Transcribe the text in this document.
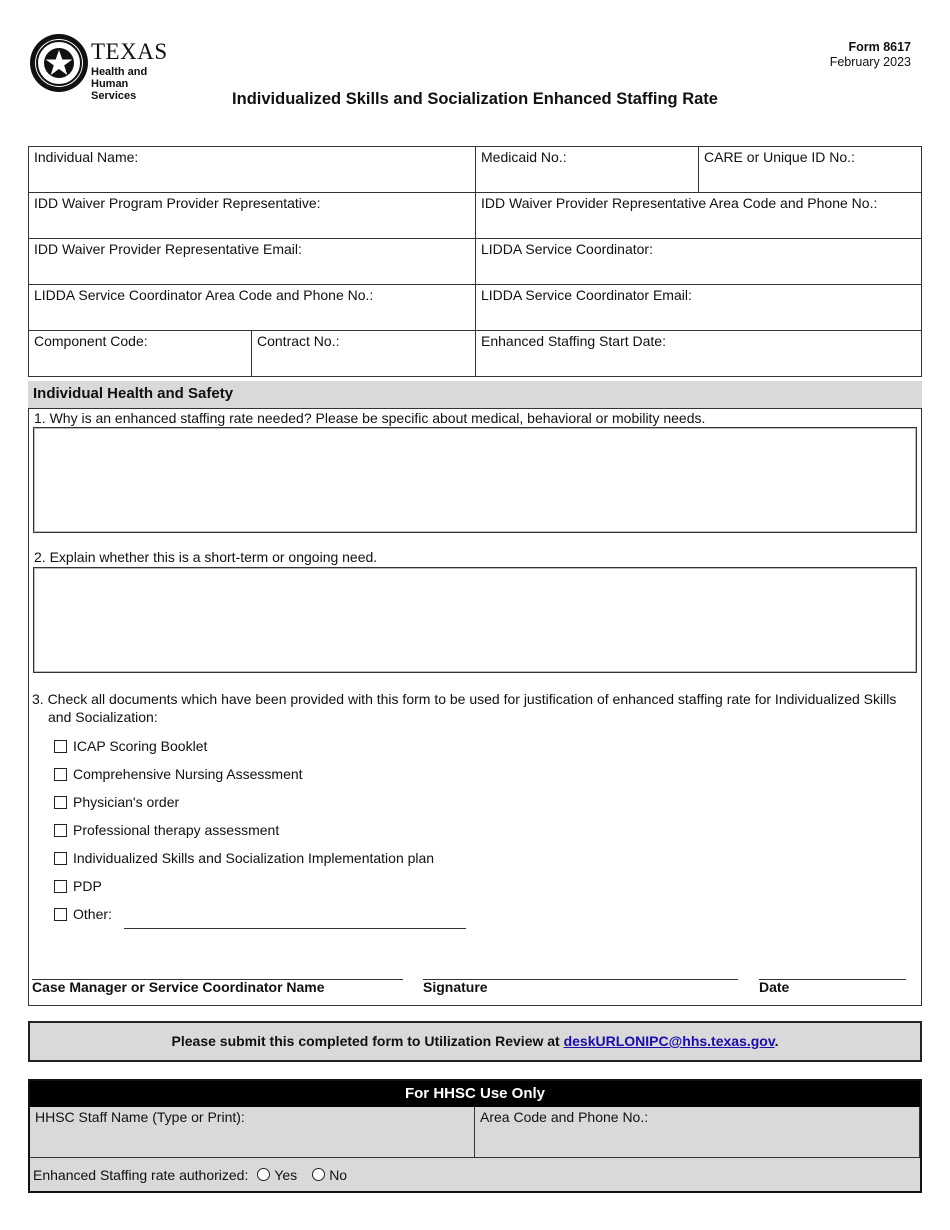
TEXAS
Health and Human
Services
Form 8617
February 2023
Individualized Skills and Socialization Enhanced Staffing Rate
Individual Name:	Medicaid No.:	CARE or Unique ID No.:
IDD Waiver Program Provider Representative:	IDD Waiver Provider Representative Area Code and Phone No.:
IDD Waiver Provider Representative Email:	LIDDA Service Coordinator:
LIDDA Service Coordinator Area Code and Phone No.:	LIDDA Service Coordinator Email:
Component Code:	Contract No.:	Enhanced Staffing Start Date:
Individual Health and Safety
1. Why is an enhanced staffing rate needed? Please be specific about medical, behavioral or mobility needs.
2. Explain whether this is a short-term or ongoing need.
3. Check all documents which have been provided with this form to be used for justification of enhanced staffing rate for Individualized Skills
and Socialization:
ICAP Scoring Booklet
Comprehensive Nursing Assessment
Physician's order
Professional therapy assessment
Individualized Skills and Socialization Implementation plan
PDP
Other:
Case Manager or Service Coordinator Name	Signature	Date
Please submit this completed form to Utilization Review at deskURLONIPC@hhs.texas.gov.
For HHSC Use Only
HHSC Staff Name (Type or Print):	Area Code and Phone No.:
Enhanced Staffing rate authorized: Yes No
